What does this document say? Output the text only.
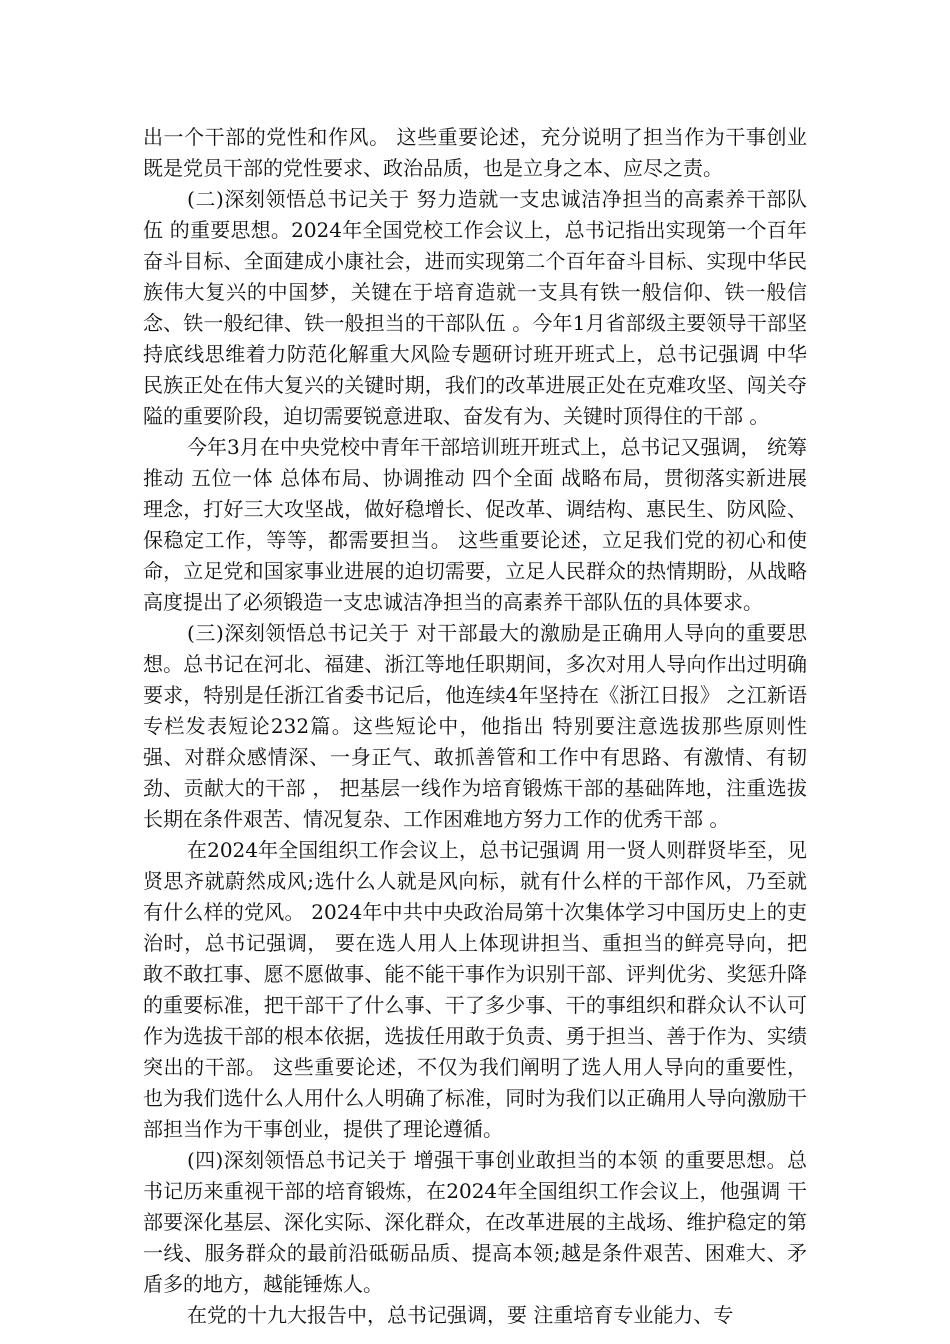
出一个干部的党性和作风。 这些重要论述，充分说明了担当作为干事创业既是党员干部的党性要求、政治品质，也是立身之本、应尽之责。

(二)深刻领悟总书记关于 努力造就一支忠诚洁净担当的高素养干部队伍 的重要思想。2024年全国党校工作会议上，总书记指出实现第一个百年奋斗目标、全面建成小康社会，进而实现第二个百年奋斗目标、实现中华民族伟大复兴的中国梦，关键在于培育造就一支具有铁一般信仰、铁一般信念、铁一般纪律、铁一般担当的干部队伍 。今年1月省部级主要领导干部坚持底线思维着力防范化解重大风险专题研讨班开班式上，总书记强调 中华民族正处在伟大复兴的关键时期，我们的改革进展正处在克难攻坚、闯关夺隘的重要阶段，迫切需要锐意进取、奋发有为、关键时顶得住的干部 。

今年3月在中央党校中青年干部培训班开班式上，总书记又强调， 统筹推动 五位一体 总体布局、协调推动 四个全面 战略布局，贯彻落实新进展理念，打好三大攻坚战，做好稳增长、促改革、调结构、惠民生、防风险、保稳定工作，等等，都需要担当。 这些重要论述，立足我们党的初心和使命，立足党和国家事业进展的迫切需要，立足人民群众的热情期盼，从战略高度提出了必须锻造一支忠诚洁净担当的高素养干部队伍的具体要求。

(三)深刻领悟总书记关于 对干部最大的激励是正确用人导向的重要思想。总书记在河北、福建、浙江等地任职期间，多次对用人导向作出过明确要求，特别是任浙江省委书记后，他连续4年坚持在《浙江日报》 之江新语 专栏发表短论232篇。这些短论中，他指出 特别要注意选拔那些原则性强、对群众感情深、一身正气、敢抓善管和工作中有思路、有激情、有韧劲、贡献大的干部 ， 把基层一线作为培育锻炼干部的基础阵地，注重选拔长期在条件艰苦、情况复杂、工作困难地方努力工作的优秀干部 。

在2024年全国组织工作会议上，总书记强调 用一贤人则群贤毕至，见贤思齐就蔚然成风;选什么人就是风向标，就有什么样的干部作风，乃至就有什么样的党风。 2024年中共中央政治局第十次集体学习中国历史上的吏治时，总书记强调， 要在选人用人上体现讲担当、重担当的鲜亮导向，把敢不敢扛事、愿不愿做事、能不能干事作为识别干部、评判优劣、奖惩升降的重要标准，把干部干了什么事、干了多少事、干的事组织和群众认不认可作为选拔干部的根本依据，选拔任用敢于负责、勇于担当、善于作为、实绩突出的干部。 这些重要论述，不仅为我们阐明了选人用人导向的重要性，也为我们选什么人用什么人明确了标准，同时为我们以正确用人导向激励干部担当作为干事创业，提供了理论遵循。

(四)深刻领悟总书记关于 增强干事创业敢担当的本领 的重要思想。总书记历来重视干部的培育锻炼，在2024年全国组织工作会议上，他强调 干部要深化基层、深化实际、深化群众，在改革进展的主战场、维护稳定的第一线、服务群众的最前沿砥砺品质、提高本领;越是条件艰苦、困难大、矛盾多的地方，越能锤炼人。

在党的十九大报告中，总书记强调，要 注重培育专业能力、专
